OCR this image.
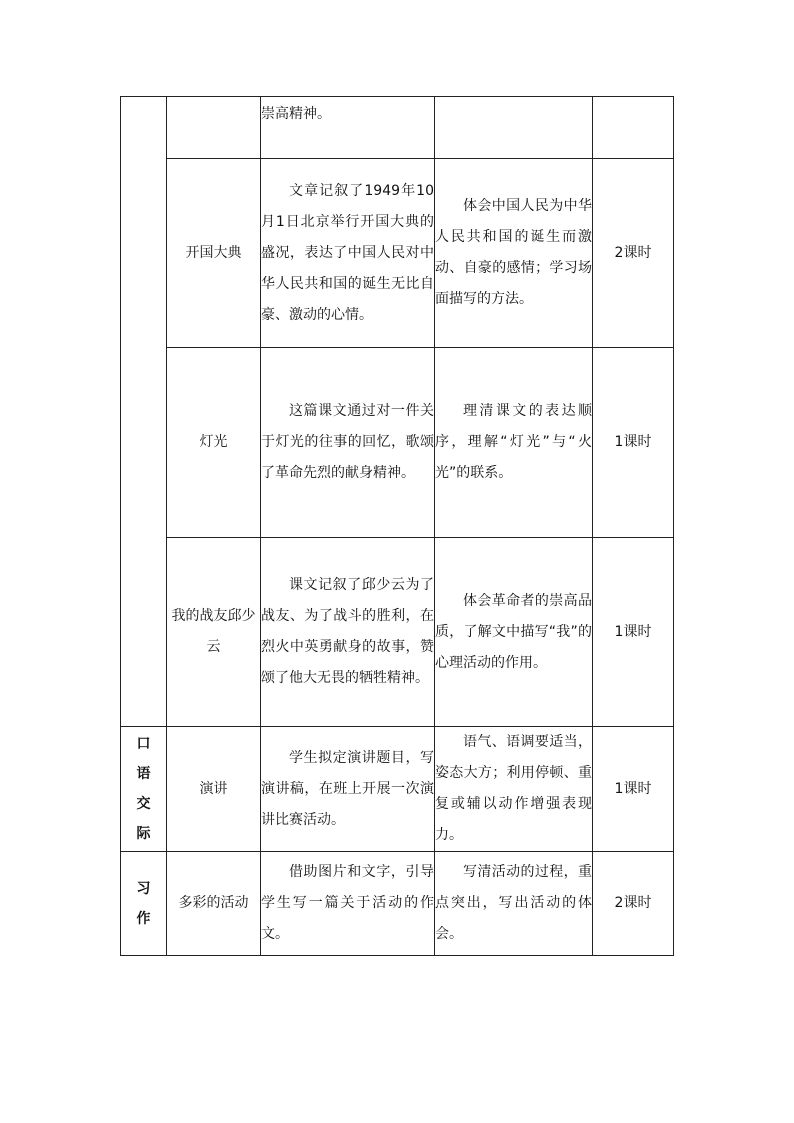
		崇高精神。		
	开国大典	文章记叙了1949年10月1日北京举行开国大典的盛况，表达了中国人民对中华人民共和国的诞生无比自豪、激动的心情。	体会中国人民为中华人民共和国的诞生而激动、自豪的感情；学习场面描写的方法。	2课时
	灯光	这篇课文通过对一件关于灯光的往事的回忆，歌颂了革命先烈的献身精神。	理清课文的表达顺序，理解“灯光”与“火光”的联系。	1课时
	我的战友邱少云	课文记叙了邱少云为了战友、为了战斗的胜利，在烈火中英勇献身的故事，赞颂了他大无畏的牺牲精神。	体会革命者的崇高品质，了解文中描写“我”的心理活动的作用。	1课时

口
语
交
际	演讲	学生拟定演讲题目，写演讲稿，在班上开展一次演讲比赛活动。	语气、语调要适当，姿态大方；利用停顿、重复或辅以动作增强表现力。	1课时

习
作	多彩的活动	借助图片和文字，引导学生写一篇关于活动的作文。	写清活动的过程，重点突出，写出活动的体会。	2课时
